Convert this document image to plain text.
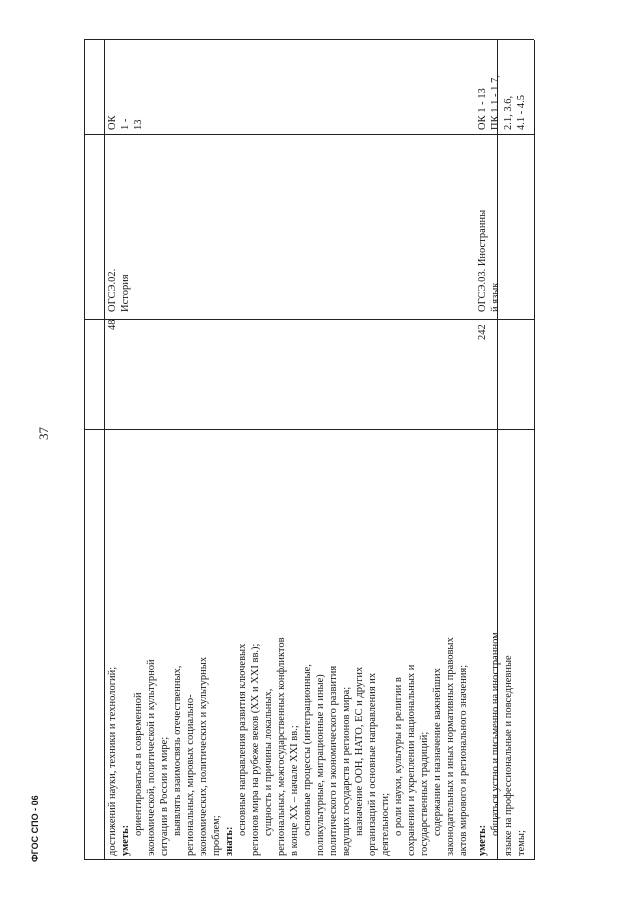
37
ФГОС СПО - 06	достижений науки, техники и технологий; уметь:
ориентироваться в современной экономической, политической и культурной ситуации в России и мире; выявлять взаимосвязь отечественных, региональных, мировых социально- экономических, политических и культурных проблем; знать:
основные направления развития ключевых регионов мира на рубеже веков (XX и XXI вв.); сущность и причины локальных, региональных, межгосударственных конфликтов в конце XX – начале XXI вв.; основные процессы (интеграционные, поликультурные, миграционные и иные) политического и экономического развития ведущих государств и регионов мира; назначение ООН, НАТО, ЕС и других организаций и основные направления их деятельности; о роли науки, культуры и религии в сохранении и укреплении национальных и государственных традиций; содержание и назначение важнейших законодательных и иных нормативных правовых актов мирового и регионального значения;
48
ОГСЭ.02. История
ОК 1 - 13
уметь:
общаться устно и письменно на иностранном языке на профессиональные и повседневные темы;
242
ОГСЭ.03. Иностранны й язык
ОК 1 - 13 ПК 1.1 - 1.7, 2.1, 3.6, 4.1 - 4.5
